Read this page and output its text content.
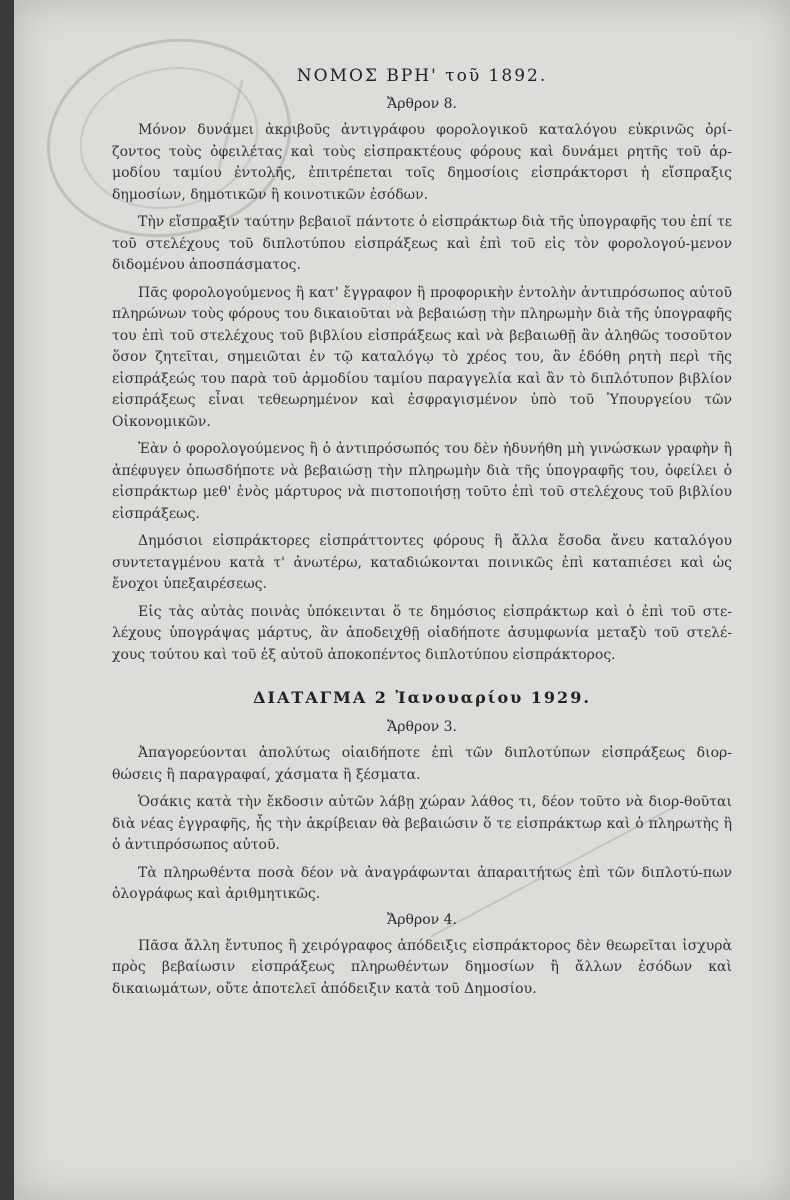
ΝΟΜΟΣ ΒΡΗ' τοῦ 1892.
Ἄρθρον 8.

Μόνον δυνάμει ἀκριβοῦς ἀντιγράφου φορολογικοῦ καταλόγου εὐκρινῶς ὁρί-ζοντος τοὺς ὀφειλέτας καὶ τοὺς εἰσπρακτέους φόρους καὶ δυνάμει ρητῆς τοῦ ἁρ-μοδίου ταμίου ἐντολῆς, ἐπιτρέπεται τοῖς δημοσίοις εἰσπράκτορσι ἡ εἴσπραξις δημοσίων, δημοτικῶν ἢ κοινοτικῶν ἐσόδων.

Τὴν εἴσπραξιν ταύτην βεβαιοῖ πάντοτε ὁ εἰσπράκτωρ διὰ τῆς ὑπογραφῆς του ἐπί τε τοῦ στελέχους τοῦ διπλοτύπου εἰσπράξεως καὶ ἐπὶ τοῦ εἰς τὸν φορολογού-μενον διδομένου ἀποσπάσματος.

Πᾶς φορολογούμενος ἢ κατ' ἔγγραφον ἢ προφορικὴν ἐντολὴν ἀντιπρόσωπος αὐτοῦ πληρώνων τοὺς φόρους του δικαιοῦται νὰ βεβαιώσῃ τὴν πληρωμὴν διὰ τῆς ὑπογραφῆς του ἐπὶ τοῦ στελέχους τοῦ βιβλίου εἰσπράξεως καὶ νὰ βεβαιωθῇ ἂν ἀληθῶς τοσοῦτον ὅσον ζητεῖται, σημειῶται ἐν τῷ καταλόγῳ τὸ χρέος του, ἂν ἐδόθη ρητὴ περὶ τῆς εἰσπράξεώς του παρὰ τοῦ ἁρμοδίου ταμίου παραγγελία καὶ ἂν τὸ διπλότυπον βιβλίον εἰσπράξεως εἶναι τεθεωρημένον καὶ ἐσφραγισμένον ὑπὸ τοῦ Ὑπουργείου τῶν Οἰκονομικῶν.

Ἐὰν ὁ φορολογούμενος ἢ ὁ ἀντιπρόσωπός του δὲν ἠδυνήθη μὴ γινώσκων γραφὴν ἢ ἀπέφυγεν ὁπωσδήποτε νὰ βεβαιώσῃ τὴν πληρωμὴν διὰ τῆς ὑπογραφῆς του, ὀφείλει ὁ εἰσπράκτωρ μεθ' ἑνὸς μάρτυρος νὰ πιστοποιήσῃ τοῦτο ἐπὶ τοῦ στελέχους τοῦ βιβλίου εἰσπράξεως.

Δημόσιοι εἰσπράκτορες εἰσπράττοντες φόρους ἢ ἄλλα ἔσοδα ἄνευ καταλόγου συντεταγμένου κατὰ τ' ἀνωτέρω, καταδιώκονται ποινικῶς ἐπὶ καταπιέσει καὶ ὡς ἔνοχοι ὑπεξαιρέσεως.

Εἰς τὰς αὐτὰς ποινὰς ὑπόκεινται ὅ τε δημόσιος εἰσπράκτωρ καὶ ὁ ἐπὶ τοῦ στε-λέχους ὑπογράψας μάρτυς, ἂν ἀποδειχθῇ οἱαδήποτε ἀσυμφωνία μεταξὺ τοῦ στελέ-χους τούτου καὶ τοῦ ἐξ αὐτοῦ ἀποκοπέντος διπλοτύπου εἰσπράκτορος.

ΔΙΑΤΑΓΜΑ 2 Ἰανουαρίου 1929.
Ἄρθρον 3.

Ἀπαγορεύονται ἀπολύτως οἱαιδήποτε ἐπὶ τῶν διπλοτύπων εἰσπράξεως διορ-θώσεις ἢ παραγραφαί, χάσματα ἢ ξέσματα.

Ὁσάκις κατὰ τὴν ἔκδοσιν αὐτῶν λάβῃ χώραν λάθος τι, δέον τοῦτο νὰ διορ-θοῦται διὰ νέας ἐγγραφῆς, ἧς τὴν ἀκρίβειαν θὰ βεβαιώσιν ὅ τε εἰσπράκτωρ καὶ ὁ πληρωτὴς ἢ ὁ ἀντιπρόσωπος αὐτοῦ.

Τὰ πληρωθέντα ποσὰ δέον νὰ ἀναγράφωνται ἀπαραιτήτως ἐπὶ τῶν διπλοτύ-πων ὁλογράφως καὶ ἀριθμητικῶς.

Ἄρθρον 4.

Πᾶσα ἄλλη ἔντυπος ἢ χειρόγραφος ἀπόδειξις εἰσπράκτορος δὲν θεωρεῖται ἰσχυρὰ πρὸς βεβαίωσιν εἰσπράξεως πληρωθέντων δημοσίων ἢ ἄλλων ἐσόδων καὶ δικαιωμάτων, οὔτε ἀποτελεῖ ἀπόδειξιν κατὰ τοῦ Δημοσίου.
